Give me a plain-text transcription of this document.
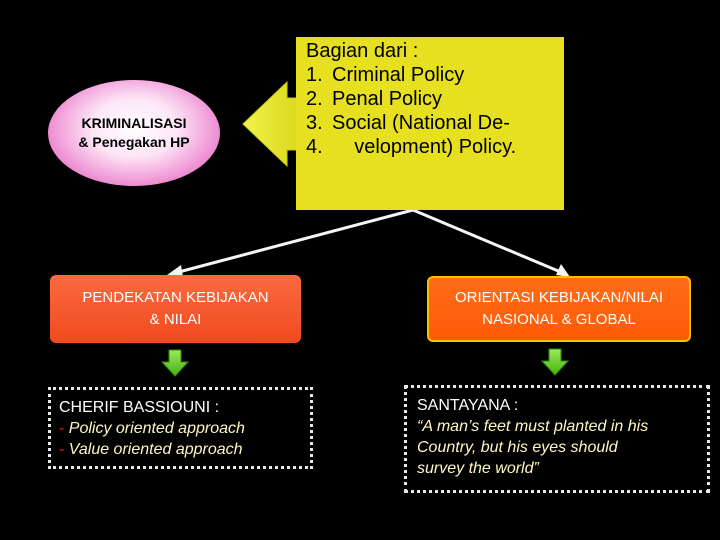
KRIMINALISASI
& Penegakan HP
Bagian dari :
1. Criminal Policy
2. Penal Policy
3. Social (National De-
4. velopment) Policy.
PENDEKATAN KEBIJAKAN
& NILAI
ORIENTASI KEBIJAKAN/NILAI
NASIONAL & GLOBAL
CHERIF BASSIOUNI :
- Policy oriented approach
- Value oriented approach
SANTAYANA :
“A man’s feet must planted in his
Country, but his eyes should
survey the world”
